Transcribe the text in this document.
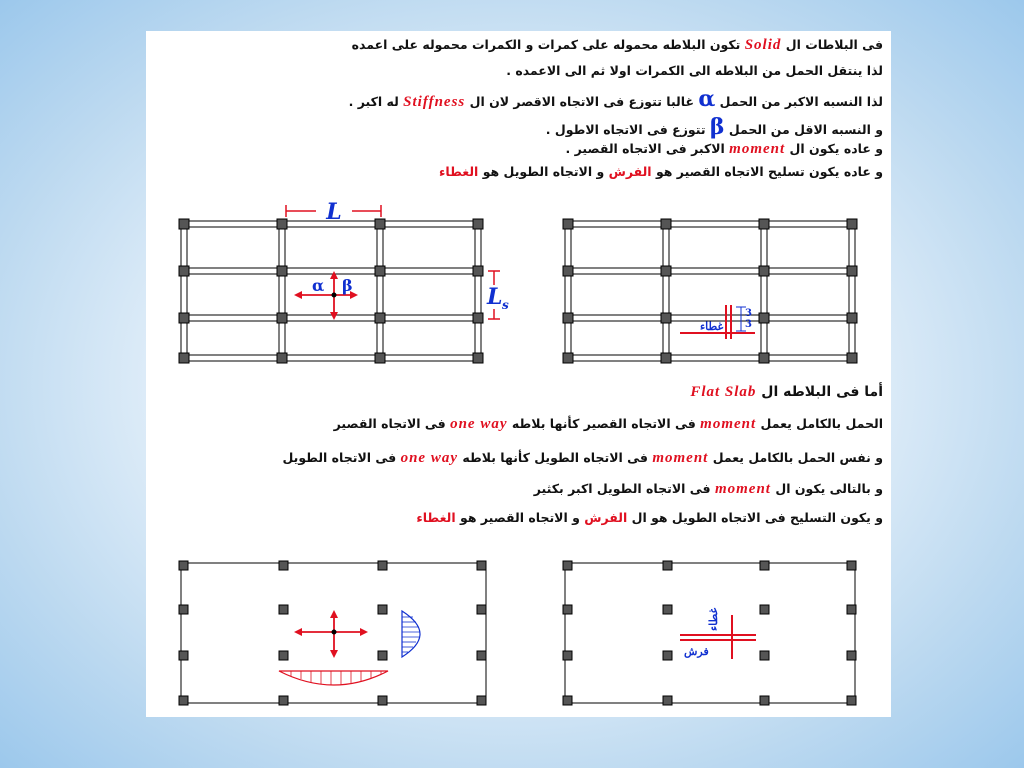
فى البلاطات ال Solid تكون البلاطه محموله على كمرات و الكمرات محموله على اعمده
لذا ينتقل الحمل من البلاطه الى الكمرات اولا ثم الى الاعمده .
لذا النسبه الاكبر من الحمل α غالبا تتوزع فى الاتجاه الاقصر لان ال Stiffness له اكبر .
و النسبه الاقل من الحمل β تتوزع فى الاتجاه الاطول .
و عاده يكون ال moment الاكبر فى الاتجاه القصير .
و عاده يكون تسليح الاتجاه القصير هو الفرش و الاتجاه الطويل هو الغطاء
أما فى البلاطه ال Flat Slab
الحمل بالكامل يعمل moment فى الاتجاه القصير كأنها بلاطه one way فى الاتجاه القصير
و نفس الحمل بالكامل يعمل moment فى الاتجاه الطويل كأنها بلاطه one way فى الاتجاه الطويل
و بالتالى يكون ال moment فى الاتجاه الطويل اكبر بكثير
و يكون التسليح فى الاتجاه الطويل هو ال الفرش و الاتجاه القصير هو الغطاء
L
L s
α β
3
3
غطاء
غطاء
فرش
